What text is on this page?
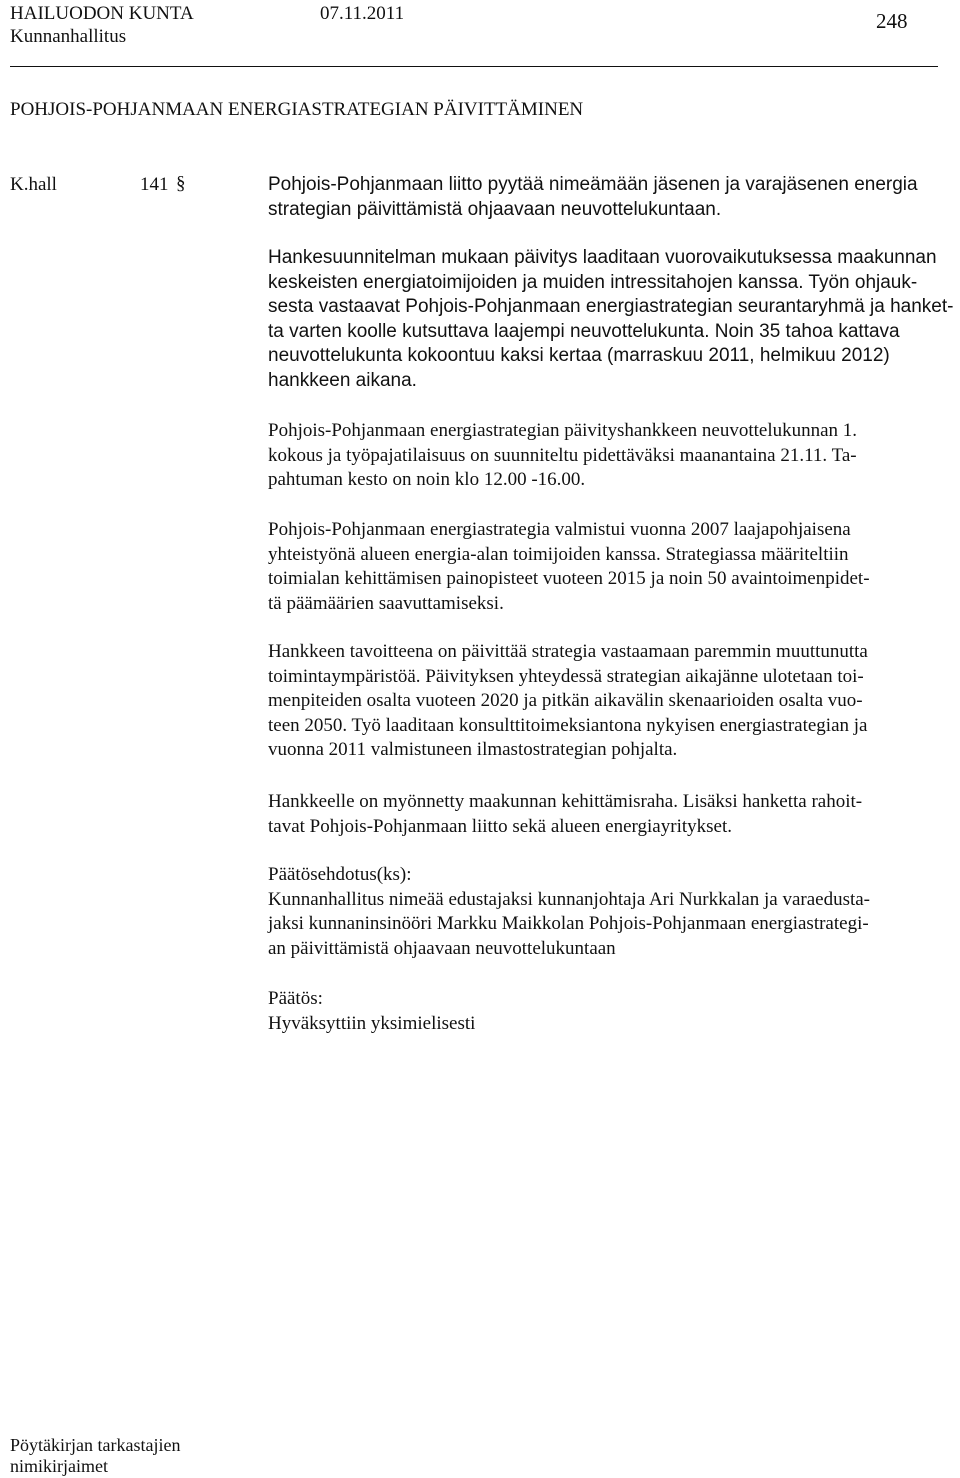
HAILUODON KUNTA	07.11.2011
Kunnanhallitus
248
POHJOIS-POHJANMAAN ENERGIASTRATEGIAN PÄIVITTÄMINEN
K.hall	141 §	Pohjois-Pohjanmaan liitto pyytää nimeämään jäsenen ja varajäsenen energia
strategian päivittämistä ohjaavaan neuvottelukuntaan.
Hankesuunnitelman mukaan päivitys laaditaan vuorovaikutuksessa maakunnan
keskeisten energiatoimijoiden ja muiden intressitahojen kanssa. Työn ohjauk-
sesta vastaavat Pohjois-Pohjanmaan energiastrategian seurantaryhmä ja hanket-
ta varten koolle kutsuttava laajempi neuvottelukunta. Noin 35 tahoa kattava
neuvottelukunta kokoontuu kaksi kertaa (marraskuu 2011, helmikuu 2012)
hankkeen aikana.
Pohjois-Pohjanmaan energiastrategian päivityshankkeen neuvottelukunnan 1.
kokous ja työpajatilaisuus on suunniteltu pidettäväksi maanantaina 21.11. Ta-
pahtuman kesto on noin klo 12.00 -16.00.
Pohjois-Pohjanmaan energiastrategia valmistui vuonna 2007 laajapohjaisena
yhteistyönä alueen energia-alan toimijoiden kanssa. Strategiassa määriteltiin
toimialan kehittämisen painopisteet vuoteen 2015 ja noin 50 avaintoimenpidet-
tä päämäärien saavuttamiseksi.
Hankkeen tavoitteena on päivittää strategia vastaamaan paremmin muuttunutta
toimintaympäristöä. Päivityksen yhteydessä strategian aikajänne ulotetaan toi-
menpiteiden osalta vuoteen 2020 ja pitkän aikavälin skenaarioiden osalta vuo-
teen 2050. Työ laaditaan konsulttitoimeksiantona nykyisen energiastrategian ja
vuonna 2011 valmistuneen ilmastostrategian pohjalta.
Hankkeelle on myönnetty maakunnan kehittämisraha. Lisäksi hanketta rahoit-
tavat Pohjois-Pohjanmaan liitto sekä alueen energiayritykset.
Päätösehdotus(ks):
Kunnanhallitus nimeää edustajaksi kunnanjohtaja Ari Nurkkalan ja varaedusta-
jaksi kunnaninsinööri Markku Maikkolan Pohjois-Pohjanmaan energiastrategi-
an päivittämistä ohjaavaan neuvottelukuntaan
Päätös:
Hyväksyttiin yksimielisesti
Pöytäkirjan tarkastajien
nimikirjaimet
